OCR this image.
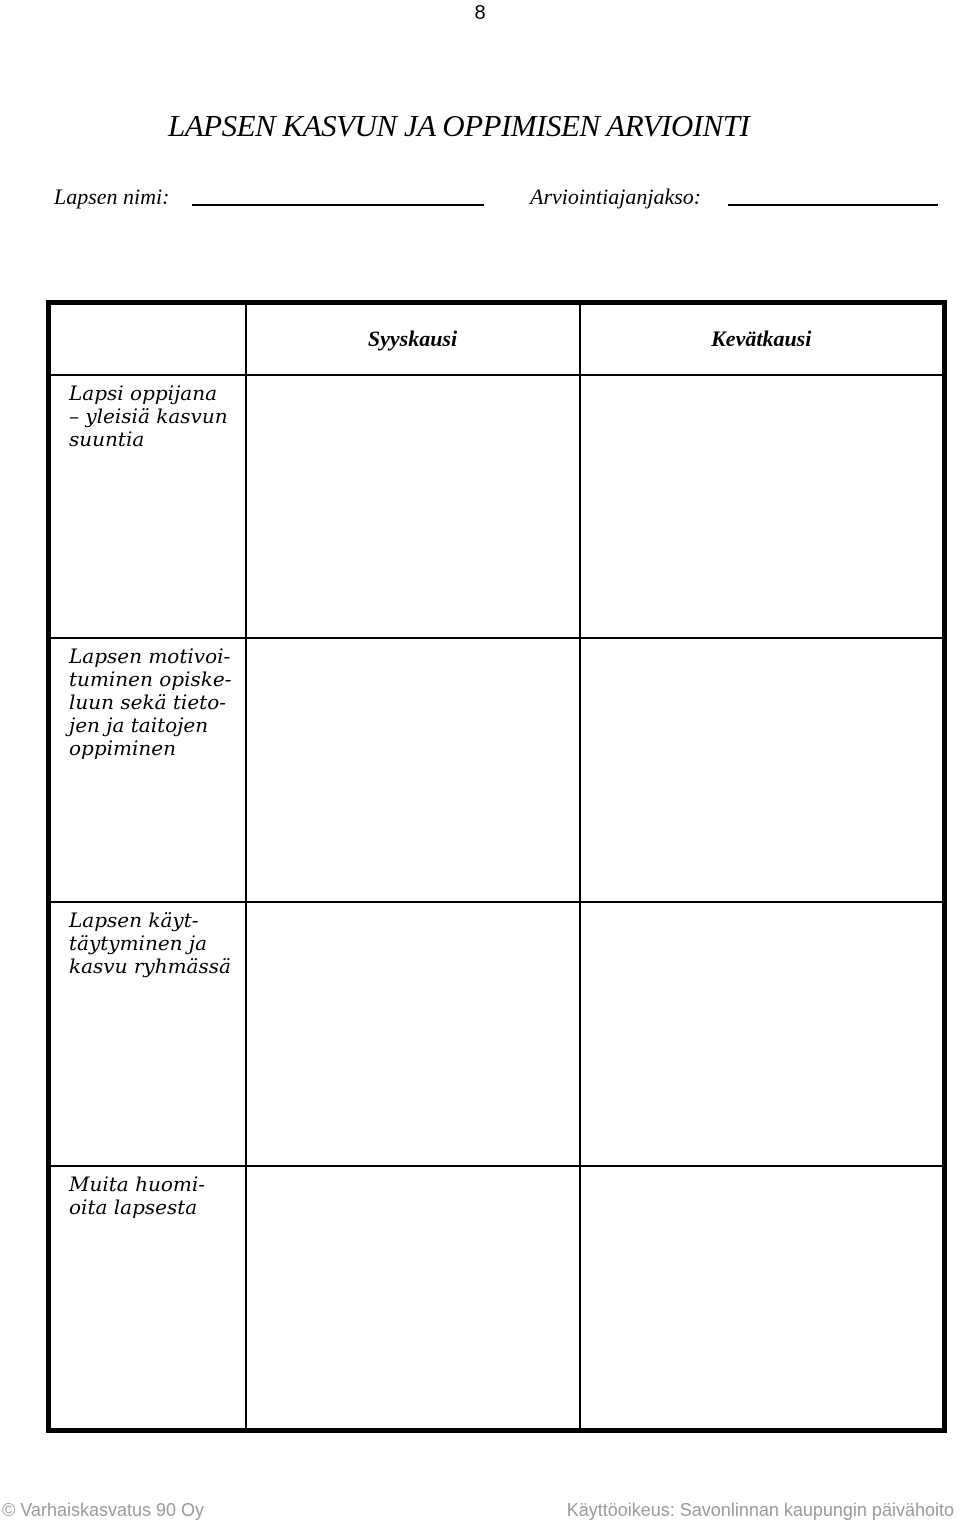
8
LAPSEN KASVUN JA OPPIMISEN ARVIOINTI
Lapsen nimi:	Arviointiajanjakso:
	Syyskausi	Kevätkausi

Lapsi oppijana
– yleisiä kasvun
suuntia		

Lapsen motivoi-
tuminen opiske-
luun sekä tieto-
jen ja taitojen
oppiminen		

Lapsen käyt-
täytyminen ja
kasvu ryhmässä		

Muita huomi-
oita lapsesta		

© Varhaiskasvatus 90 Oy	Käyttöoikeus: Savonlinnan kaupungin päivähoito
